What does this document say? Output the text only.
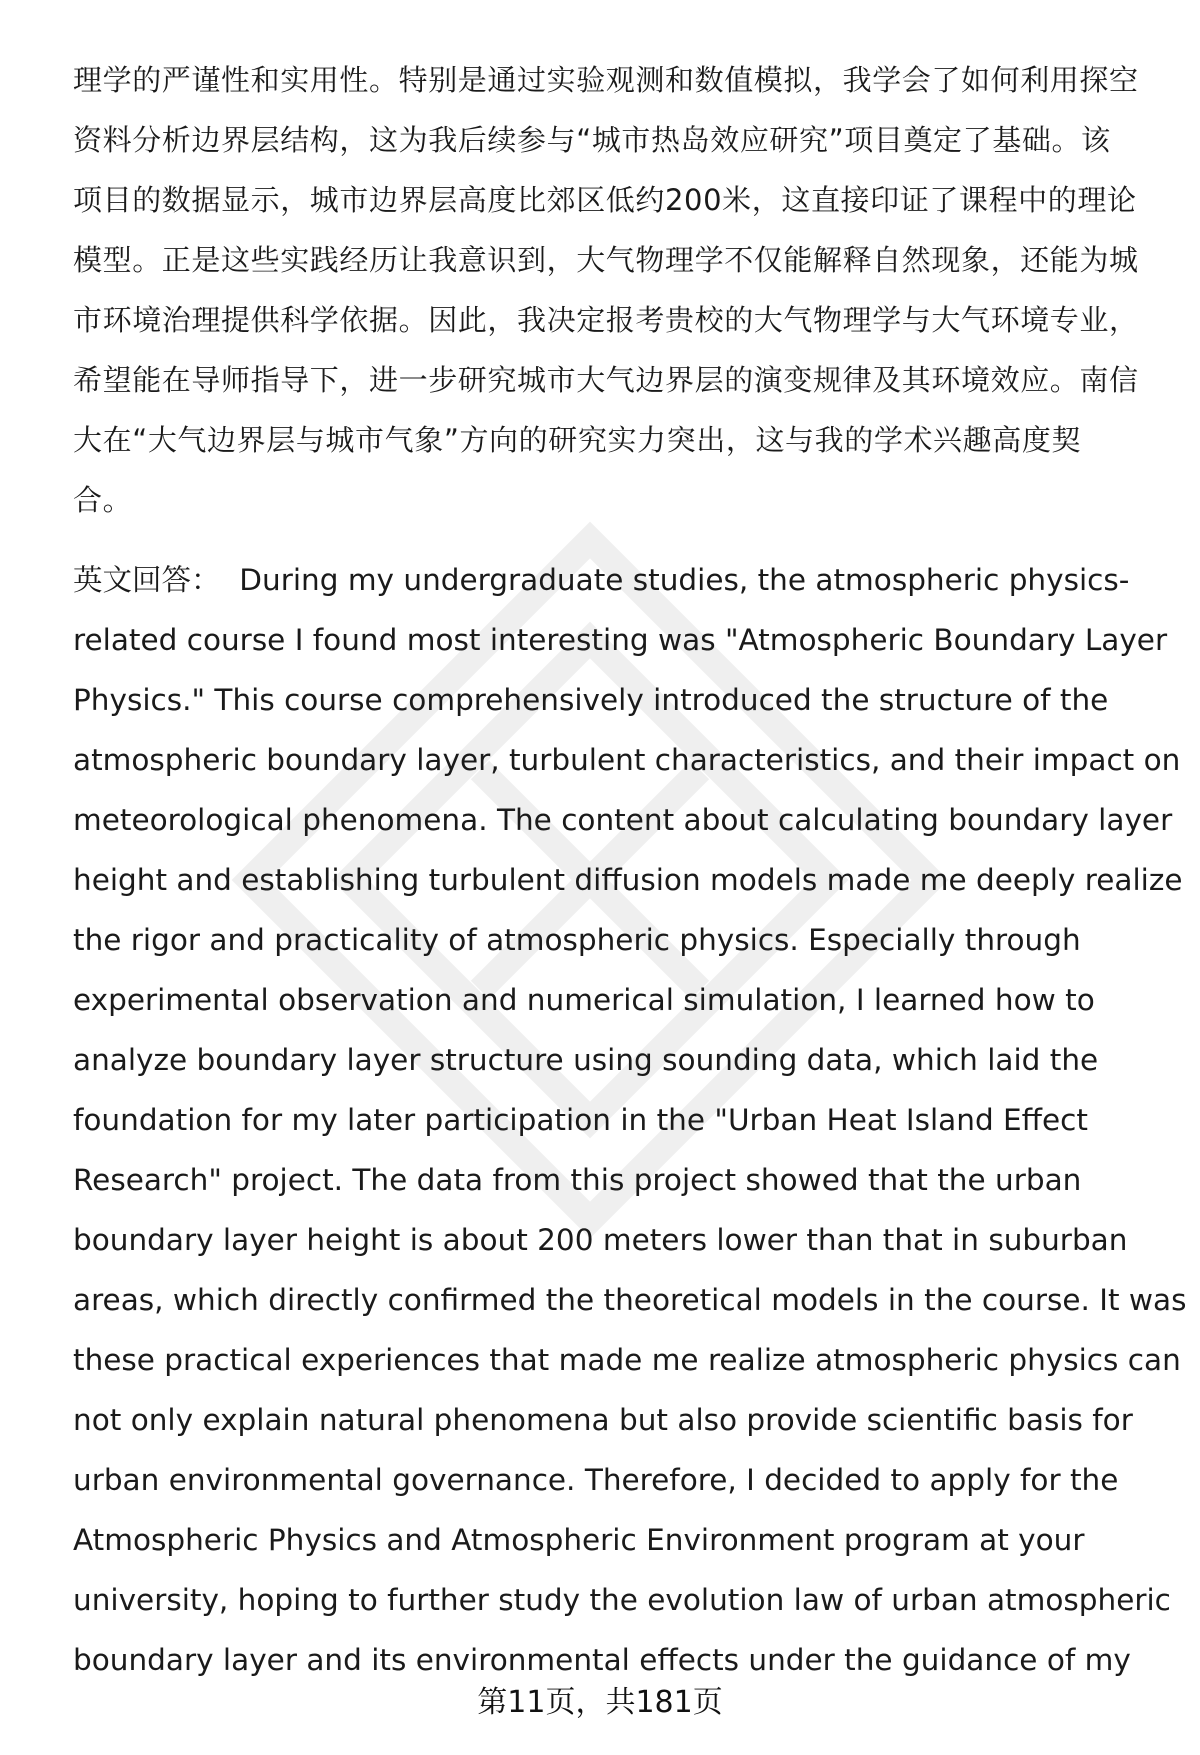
理学的严谨性和实用性。特别是通过实验观测和数值模拟，我学会了如何利用探空
资料分析边界层结构，这为我后续参与“城市热岛效应研究”项目奠定了基础。该
项目的数据显示，城市边界层高度比郊区低约200米，这直接印证了课程中的理论
模型。正是这些实践经历让我意识到，大气物理学不仅能解释自然现象，还能为城
市环境治理提供科学依据。因此，我决定报考贵校的大气物理学与大气环境专业，
希望能在导师指导下，进一步研究城市大气边界层的演变规律及其环境效应。南信
大在“大气边界层与城市气象”方向的研究实力突出，这与我的学术兴趣高度契
合。

英文回答： During my undergraduate studies, the atmospheric physics-
related course I found most interesting was "Atmospheric Boundary Layer
Physics." This course comprehensively introduced the structure of the
atmospheric boundary layer, turbulent characteristics, and their impact on
meteorological phenomena. The content about calculating boundary layer
height and establishing turbulent diffusion models made me deeply realize
the rigor and practicality of atmospheric physics. Especially through
experimental observation and numerical simulation, I learned how to
analyze boundary layer structure using sounding data, which laid the
foundation for my later participation in the "Urban Heat Island Effect
Research" project. The data from this project showed that the urban
boundary layer height is about 200 meters lower than that in suburban
areas, which directly confirmed the theoretical models in the course. It was
these practical experiences that made me realize atmospheric physics can
not only explain natural phenomena but also provide scientific basis for
urban environmental governance. Therefore, I decided to apply for the
Atmospheric Physics and Atmospheric Environment program at your
university, hoping to further study the evolution law of urban atmospheric
boundary layer and its environmental effects under the guidance of my

第11页，共181页
